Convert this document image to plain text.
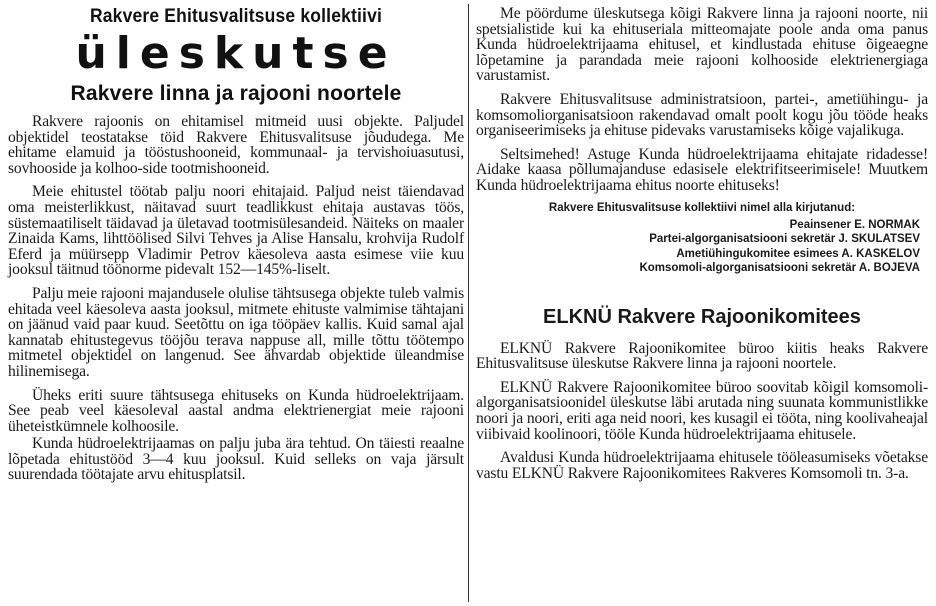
Rakvere Ehitusvalitsuse kollektiivi
üleskutse
Rakvere linna ja rajooni noortele

Rakvere rajoonis on ehitamisel mitmeid uusi objekte. Paljudel objektidel teostatakse töid Rakvere Ehitusvalitsuse jõududega. Me ehitame elamuid ja tööstushooneid, kommunaal- ja tervishoiuasutusi, sovhooside ja kolhoo-side tootmishooneid.

Meie ehitustel töötab palju noori ehitajaid. Paljud neist täiendavad oma meisterlikkust, näitavad suurt teadlikkust ehitaja austavas töös, süstemaatiliselt täidavad ja ületavad tootmisülesandeid. Näiteks on maaler Zinaida Kams, lihttöölised Silvi Tehves ja Alise Hansalu, krohvija Rudolf Eferd ja müürsepp Vladimir Petrov käesoleva aasta esimese viie kuu jooksul täitnud töönorme pidevalt 152—145%-liselt.

Palju meie rajooni majandusele olulise tähtsusega objekte tuleb valmis ehitada veel käesoleva aasta jooksul, mitmete ehituste valmimise tähtajani on jäänud vaid paar kuud. Seetõttu on iga tööpäev kallis. Kuid samal ajal kannatab ehitustegevus tööjõu terava nappuse all, mille tõttu töötempo mitmetel objektidel on langenud. See ähvardab objektide üleandmise hilinemisega.

Üheks eriti suure tähtsusega ehituseks on Kunda hüdroelektrijaam. See peab veel käesoleval aastal andma elektrienergiat meie rajooni üheteistkümnele kolhoosile.

Kunda hüdroelektrijaamas on palju juba ära tehtud. On täiesti reaalne lõpetada ehitustööd 3—4 kuu jooksul. Kuid selleks on vaja järsult suurendada töötajate arvu ehitusplatsil.

Me pöördume üleskutsega kõigi Rakvere linna ja rajooni noorte, nii spetsialistide kui ka ehituseriala mitteomajate poole anda oma panus Kunda hüdroelektrijaama ehitusel, et kindlustada ehituse õigeaegne lõpetamine ja parandada meie rajooni kolhooside elektrienergiaga varustamist.

Rakvere Ehitusvalitsuse administratsioon, partei-, ametiühingu- ja komsomoliorganisatsioon rakendavad omalt poolt kogu jõu tööde heaks organiseerimiseks ja ehituse pidevaks varustamiseks kõige vajalikuga.

Seltsimehed! Astuge Kunda hüdroelektrijaama ehitajate ridadesse! Aidake kaasa põllumajanduse edasisele elektrifitseerimisele! Muutkem Kunda hüdroelektrijaama ehitus noorte ehituseks!

Rakvere Ehitusvalitsuse kollektiivi nimel alla kirjutanud:
Peainsener E. NORMAK
Partei-algorganisatsiooni sekretär J. SKULATSEV
Ametiühingukomitee esimees A. KASKELOV
Komsomoli-algorganisatsiooni sekretär A. BOJEVA
ELKNÜ Rakvere Rajoonikomitees

ELKNÜ Rakvere Rajoonikomitee büroo kiitis heaks Rakvere Ehitusvalitsuse üleskutse Rakvere linna ja rajooni noortele.

ELKNÜ Rakvere Rajoonikomitee büroo soovitab kõigil komsomoli-algorganisatsioonidel üleskutse läbi arutada ning suunata kommunistlikke noori ja noori, eriti aga neid noori, kes kusagil ei tööta, ning koolivaheajal viibivaid koolinoori, tööle Kunda hüdroelektrijaama ehitusele.

Avaldusi Kunda hüdroelektrijaama ehitusele tööleasumiseks võetakse vastu ELKNÜ Rakvere Rajoonikomitees Rakveres Komsomoli tn. 3-a.
